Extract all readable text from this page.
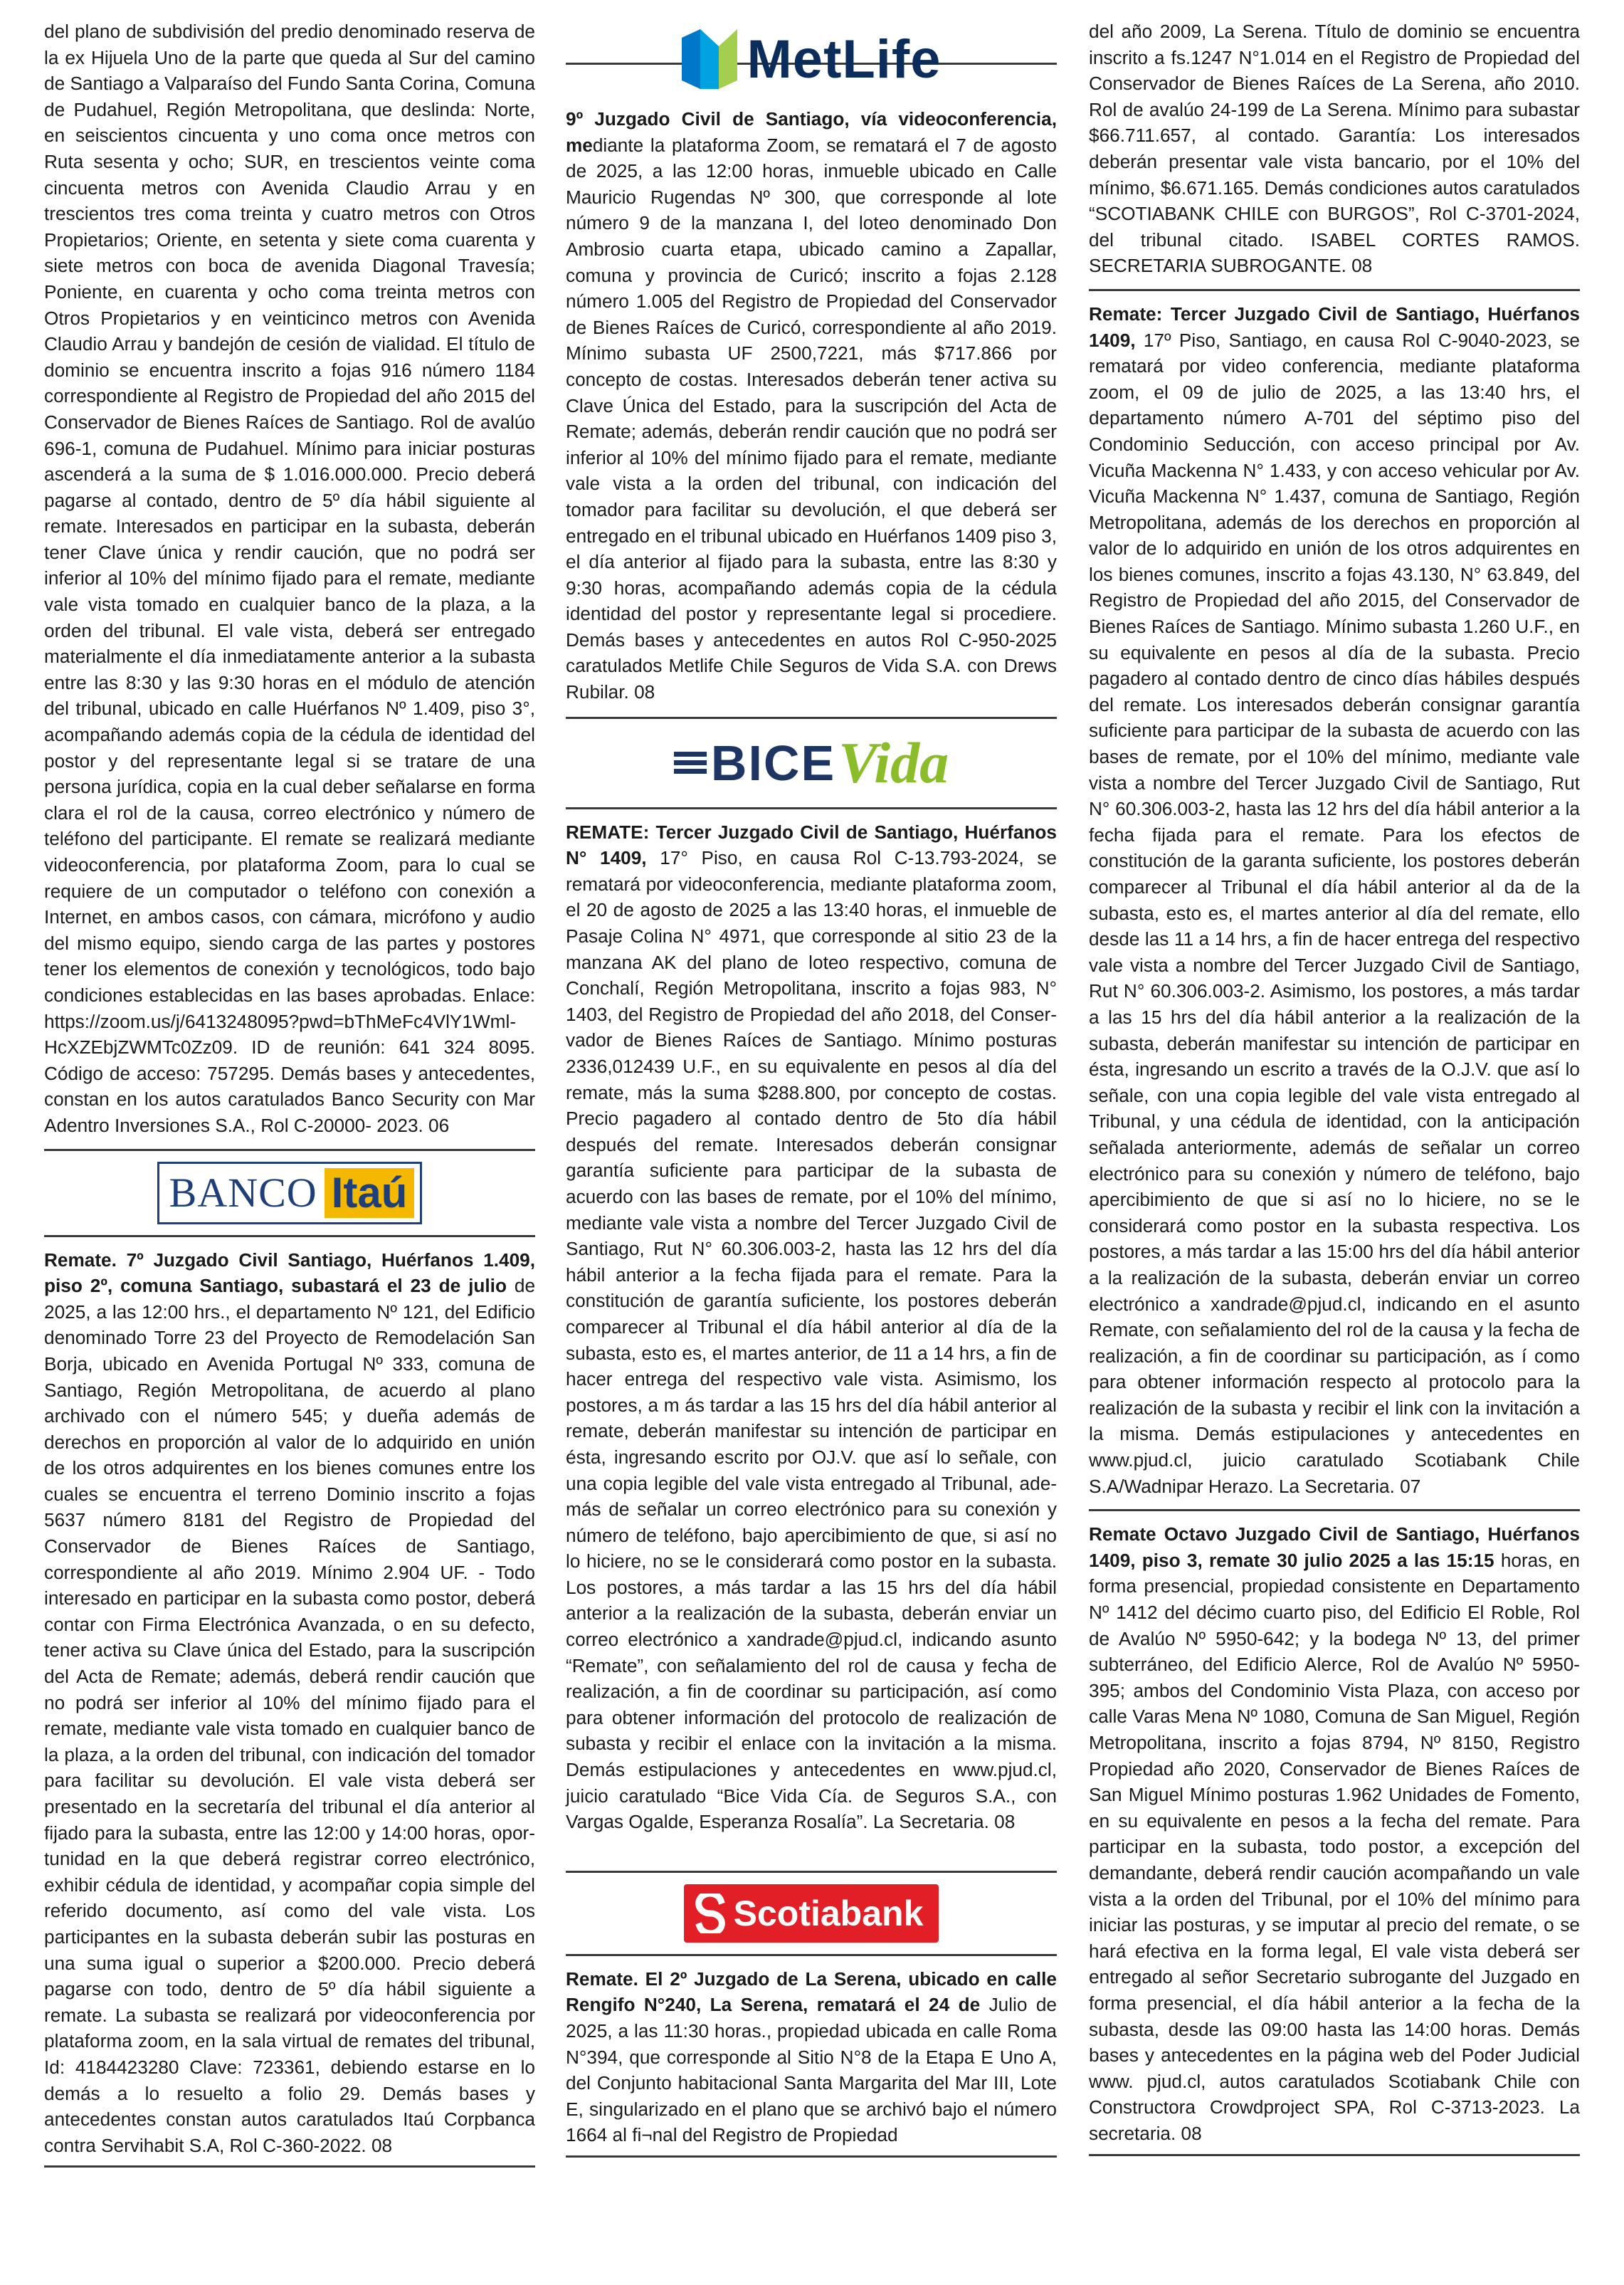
del plano de subdivisión del predio denominado reserva de la ex Hijuela Uno de la parte que queda al Sur del camino de Santiago a Valparaíso del Fundo Santa Corina, Comuna de Pudahuel, Región Metropolitana, que deslinda: Norte, en seiscientos cincuenta y uno coma once metros con Ruta sesenta y ocho; SUR, en trescientos veinte coma cincuenta metros con Avenida Claudio Arrau y en trescientos tres coma treinta y cuatro metros con Otros Propietarios; Oriente, en setenta y siete coma cuarenta y siete metros con boca de avenida Diagonal Travesía; Poniente, en cuarenta y ocho coma treinta metros con Otros Propietarios y en veinticinco metros con Avenida Claudio Arrau y bandejón de cesión de vialidad. El título de dominio se encuentra inscrito a fojas 916 número 1184 correspondiente al Registro de Propiedad del año 2015 del Conservador de Bienes Raíces de Santiago. Rol de avalúo 696-1, comuna de Pudahuel. Mínimo para iniciar posturas ascenderá a la suma de $ 1.016.000.000. Precio deberá pagarse al contado, dentro de 5º día hábil siguiente al remate. Interesados en participar en la subasta, deberán tener Clave única y rendir caución, que no podrá ser inferior al 10% del mínimo fijado para el remate, mediante vale vista tomado en cualquier banco de la plaza, a la orden del tribunal. El vale vista, deberá ser entregado materialmente el día inmediatamente anterior a la subasta entre las 8:30 y las 9:30 horas en el módulo de atención del tribunal, ubicado en calle Huérfanos Nº 1.409, piso 3°, acompañando además copia de la cédula de identidad del postor y del representante legal si se tratare de una persona jurídica, copia en la cual deber señalarse en forma clara el rol de la causa, correo electrónico y número de teléfono del participante. El remate se realizará mediante videoconferencia, por plataforma Zoom, para lo cual se requiere de un computador o teléfono con conexión a Internet, en ambos casos, con cámara, micrófono y audio del mismo equipo, siendo carga de las partes y postores tener los elementos de conexión y tecnológicos, todo bajo condiciones establecidas en las bases aprobadas. Enlace: https://zoom.us/j/6413248095?pwd=bThMeFc4VlY1WmlHcXZEbjZWMTc0Zz09. ID de reunión: 641 324 8095. Código de acceso: 757295. Demás bases y antecedentes, constan en los autos caratulados Banco Security con Mar Adentro Inversiones S.A., Rol C-20000- 2023. 06

BANCO Itaú

Remate. 7º Juzgado Civil Santiago, Huérfanos 1.409, piso 2º, comuna Santiago, subastará el 23 de julio de 2025, a las 12:00 hrs., el departamento Nº 121, del Edificio denominado Torre 23 del Proyecto de Remodelación San Borja, ubicado en Avenida Portugal Nº 333, comuna de Santiago, Región Metropolitana, de acuerdo al plano archivado con el número 545; y dueña además de derechos en proporción al valor de lo adquirido en unión de los otros adquirentes en los bienes comunes entre los cuales se encuentra el terreno Dominio inscrito a fojas 5637 número 8181 del Registro de Propiedad del Conservador de Bienes Raíces de Santiago, correspondiente al año 2019. Mínimo 2.904 UF. - Todo interesado en participar en la subasta como postor, deberá contar con Firma Electrónica Avanzada, o en su defecto, tener activa su Clave única del Estado, para la suscripción del Acta de Remate; además, deberá rendir caución que no podrá ser inferior al 10% del mínimo fijado para el remate, mediante vale vista tomado en cualquier banco de la plaza, a la orden del tribunal, con indicación del tomador para facilitar su devolución. El vale vista deberá ser presentado en la secretaría del tribunal el día anterior al fijado para la subasta, entre las 12:00 y 14:00 horas, oportunidad en la que deberá registrar correo electrónico, exhibir cédula de identidad, y acompañar copia simple del referido documento, así como del vale vista. Los participantes en la subasta deberán subir las posturas en una suma igual o superior a $200.000. Precio deberá pagarse con todo, dentro de 5º día hábil siguiente a remate. La subasta se realizará por videoconferencia por plataforma zoom, en la sala virtual de remates del tribunal, Id: 4184423280 Clave: 723361, debiendo estarse en lo demás a lo resuelto a folio 29. Demás bases y antecedentes constan autos caratulados Itaú Corpbanca contra Servihabit S.A, Rol C-360-2022. 08

MetLife

9º Juzgado Civil de Santiago, vía videoconferencia, mediante la plataforma Zoom, se rematará el 7 de agosto de 2025, a las 12:00 horas, inmueble ubicado en Calle Mauricio Rugendas Nº 300, que corresponde al lote número 9 de la manzana I, del loteo denominado Don Ambrosio cuarta etapa, ubicado camino a Zapallar, comuna y provincia de Curicó; inscrito a fojas 2.128 número 1.005 del Registro de Propiedad del Conservador de Bienes Raíces de Curicó, correspondiente al año 2019. Mínimo subasta UF 2500,7221, más $717.866 por concepto de costas. Interesados deberán tener activa su Clave Única del Estado, para la suscripción del Acta de Remate; además, deberán rendir caución que no podrá ser inferior al 10% del mínimo fijado para el remate, mediante vale vista a la orden del tribunal, con indicación del tomador para facilitar su devolución, el que deberá ser entregado en el tribunal ubicado en Huérfanos 1409 piso 3, el día anterior al fijado para la subasta, entre las 8:30 y 9:30 horas, acompañando además copia de la cédula identidad del postor y representante legal si procediere. Demás bases y antecedentes en autos Rol C-950-2025 caratulados Metlife Chile Seguros de Vida S.A. con Drews Rubilar. 08

BICE Vida

REMATE: Tercer Juzgado Civil de Santiago, Huérfanos N° 1409, 17° Piso, en causa Rol C-13.793-2024, se rematará por videoconferencia, mediante plataforma zoom, el 20 de agosto de 2025 a las 13:40 horas, el inmueble de Pasaje Colina N° 4971, que corresponde al sitio 23 de la manzana AK del plano de loteo respectivo, comuna de Conchalí, Región Metropolitana, inscrito a fojas 983, N° 1403, del Registro de Propiedad del año 2018, del Conservador de Bienes Raíces de Santiago. Mínimo posturas 2336,012439 U.F., en su equivalente en pesos al día del remate, más la suma $288.800, por concepto de costas. Precio pagadero al contado dentro de 5to día hábil después del remate. Interesados deberán consignar garantía suficiente para participar de la subasta de acuerdo con las bases de remate, por el 10% del mínimo, mediante vale vista a nombre del Tercer Juzgado Civil de Santiago, Rut N° 60.306.003-2, hasta las 12 hrs del día hábil anterior a la fecha fijada para el remate. Para la constitución de garantía suficiente, los postores deberán comparecer al Tribunal el día hábil anterior al día de la subasta, esto es, el martes anterior, de 11 a 14 hrs, a fin de hacer entrega del respectivo vale vista. Asimismo, los postores, a m ás tardar a las 15 hrs del día hábil anterior al remate, deberán manifestar su intención de participar en ésta, ingresando escrito por OJ.V. que así lo señale, con una copia legible del vale vista entregado al Tribunal, además de señalar un correo electrónico para su conexión y número de teléfono, bajo apercibimiento de que, si así no lo hiciere, no se le considerará como postor en la subasta. Los postores, a más tardar a las 15 hrs del día hábil anterior a la realización de la subasta, deberán enviar un correo electrónico a xandrade@pjud.cl, indicando asunto “Remate”, con señalamiento del rol de causa y fecha de realización, a fin de coordinar su participación, así como para obtener información del protocolo de realización de subasta y recibir el enlace con la invitación a la misma. Demás estipulaciones y antecedentes en www.pjud.cl, juicio caratulado “Bice Vida Cía. de Seguros S.A., con Vargas Ogalde, Esperanza Rosalía”. La Secretaria. 08

Scotiabank

Remate. El 2º Juzgado de La Serena, ubicado en calle Rengifo N°240, La Serena, rematará el 24 de Julio de 2025, a las 11:30 horas., propiedad ubicada en calle Roma N°394, que corresponde al Sitio N°8 de la Etapa E Uno A, del Conjunto habitacional Santa Margarita del Mar III, Lote E, singularizado en el plano que se archivó bajo el número 1664 al fi¬nal del Registro de Propiedad

del año 2009, La Serena. Título de dominio se encuentra inscrito a fs.1247 N°1.014 en el Registro de Propiedad del Conservador de Bienes Raíces de La Serena, año 2010. Rol de avalúo 24-199 de La Serena. Mínimo para subastar $66.711.657, al contado. Garantía: Los interesados deberán presentar vale vista bancario, por el 10% del mínimo, $6.671.165. Demás condiciones autos caratulados “SCOTIABANK CHILE con BURGOS”, Rol C-3701-2024, del tribunal citado. ISABEL CORTES RAMOS. SECRETARIA SUBROGANTE. 08

Remate: Tercer Juzgado Civil de Santiago, Huérfanos 1409, 17º Piso, Santiago, en causa Rol C-9040-2023, se rematará por video conferencia, mediante plataforma zoom, el 09 de julio de 2025, a las 13:40 hrs, el departamento número A-701 del séptimo piso del Condominio Seducción, con acceso principal por Av. Vicuña Mackenna N° 1.433, y con acceso vehicular por Av. Vicuña Mackenna N° 1.437, comuna de Santiago, Región Metropolitana, además de los derechos en proporción al valor de lo adquirido en unión de los otros adquirentes en los bienes comunes, inscrito a fojas 43.130, N° 63.849, del Registro de Propiedad del año 2015, del Conservador de Bienes Raíces de Santiago. Mínimo subasta 1.260 U.F., en su equivalente en pesos al día de la subasta. Precio pagadero al contado dentro de cinco días hábiles después del remate. Los interesados deberán consignar garantía suficiente para participar de la subasta de acuerdo con las bases de remate, por el 10% del mínimo, mediante vale vista a nombre del Tercer Juzgado Civil de Santiago, Rut N° 60.306.003-2, hasta las 12 hrs del día hábil anterior a la fecha fijada para el remate. Para los efectos de constitución de la garanta suficiente, los postores deberán comparecer al Tribunal el día hábil anterior al da de la subasta, esto es, el martes anterior al día del remate, ello desde las 11 a 14 hrs, a fin de hacer entrega del respectivo vale vista a nombre del Tercer Juzgado Civil de Santiago, Rut N° 60.306.003-2. Asimismo, los postores, a más tardar a las 15 hrs del día hábil anterior a la realización de la subasta, deberán manifestar su intención de participar en ésta, ingresando un escrito a través de la O.J.V. que así lo señale, con una copia legible del vale vista entregado al Tribunal, y una cédula de identidad, con la anticipación señalada anteriormente, además de señalar un correo electrónico para su conexión y número de teléfono, bajo apercibimiento de que si así no lo hiciere, no se le considerará como postor en la subasta respectiva. Los postores, a más tardar a las 15:00 hrs del día hábil anterior a la realización de la subasta, deberán enviar un correo electrónico a xandrade@pjud.cl, indicando en el asunto Remate, con señalamiento del rol de la causa y la fecha de realización, a fin de coordinar su participación, as í como para obtener información respecto al protocolo para la realización de la subasta y recibir el link con la invitación a la misma. Demás estipulaciones y antecedentes en www.pjud.cl, juicio caratulado Scotiabank Chile S.A/Wadnipar Herazo. La Secretaria. 07

Remate Octavo Juzgado Civil de Santiago, Huérfanos 1409, piso 3, remate 30 julio 2025 a las 15:15 horas, en forma presencial, propiedad consistente en Departamento Nº 1412 del décimo cuarto piso, del Edificio El Roble, Rol de Avalúo Nº 5950-642; y la bodega Nº 13, del primer subterráneo, del Edificio Alerce, Rol de Avalúo Nº 5950-395; ambos del Condominio Vista Plaza, con acceso por calle Varas Mena Nº 1080, Comuna de San Miguel, Región Metropolitana, inscrito a fojas 8794, Nº 8150, Registro Propiedad año 2020, Conservador de Bienes Raíces de San Miguel Mínimo posturas 1.962 Unidades de Fomento, en su equivalente en pesos a la fecha del remate. Para participar en la subasta, todo postor, a excepción del demandante, deberá rendir caución acompañando un vale vista a la orden del Tribunal, por el 10% del mínimo para iniciar las posturas, y se imputar al precio del remate, o se hará efectiva en la forma legal, El vale vista deberá ser entregado al señor Secretario subrogante del Juzgado en forma presencial, el día hábil anterior a la fecha de la subasta, desde las 09:00 hasta las 14:00 horas. Demás bases y antecedentes en la página web del Poder Judicial www. pjud.cl, autos caratulados Scotiabank Chile con Constructora Crowdproject SPA, Rol C-3713-2023. La secretaria. 08
